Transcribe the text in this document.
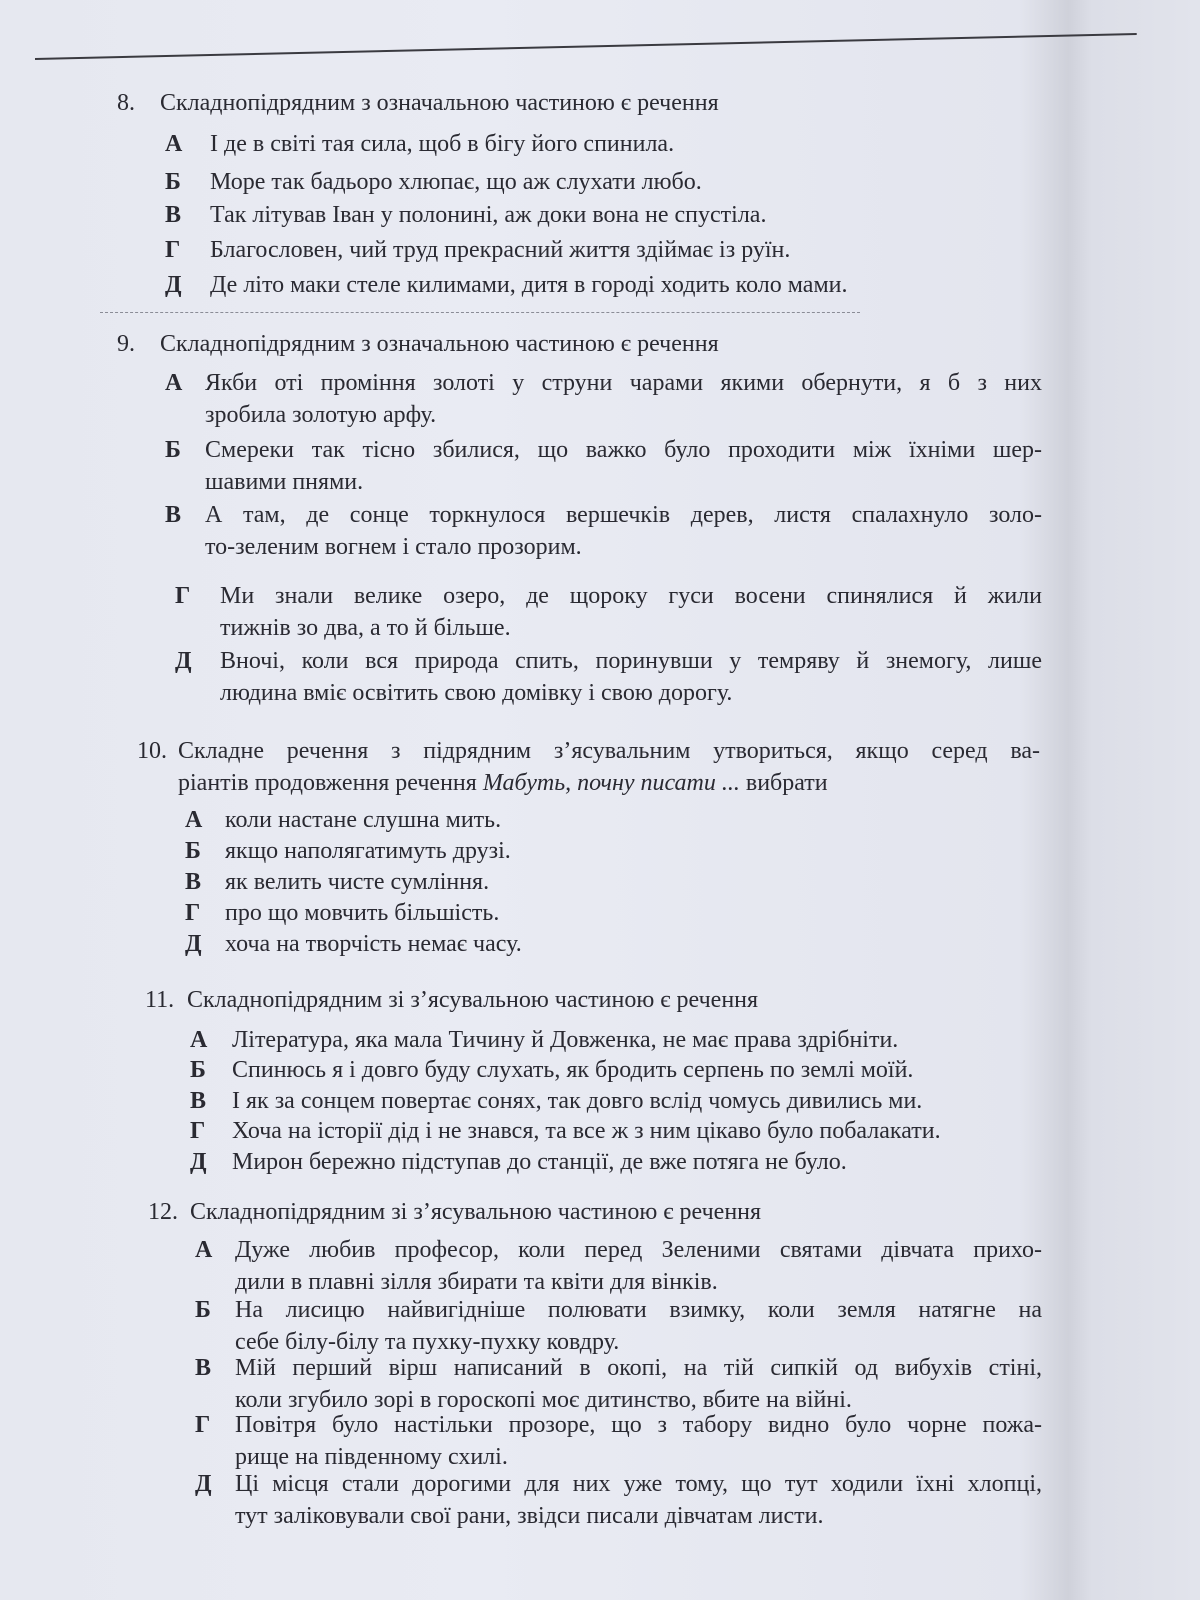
8. Складнопідрядним з означальною частиною є речення
А І де в світі тая сила, щоб в бігу його спинила.
Б Море так бадьоро хлюпає, що аж слухати любо.
В Так літував Іван у полонині, аж доки вона не спустіла.
Г Благословен, чий труд прекрасний життя здіймає із руїн.
Д Де літо маки стеле килимами, дитя в городі ходить коло мами.
9. Складнопідрядним з означальною частиною є речення
А Якби оті проміння золоті у струни чарами якими обернути, я б з них
зробила золотую арфу.
Б Смереки так тісно збилися, що важко було проходити між їхніми шер-
шавими пнями.
В А там, де сонце торкнулося вершечків дерев, листя спалахнуло золо-
то-зеленим вогнем і стало прозорим.
Г Ми знали велике озеро, де щороку гуси восени спинялися й жили
тижнів зо два, а то й більше.
Д Вночі, коли вся природа спить, поринувши у темряву й знемогу, лише
людина вміє освітить свою домівку і свою дорогу.
10. Складне речення з підрядним з’ясувальним утвориться, якщо серед ва-
ріантів продовження речення Мабуть, почну писати ... вибрати
А коли настане слушна мить.
Б якщо наполягатимуть друзі.
В як велить чисте сумління.
Г про що мовчить більшість.
Д хоча на творчість немає часу.
11. Складнопідрядним зі з’ясувальною частиною є речення
А Література, яка мала Тичину й Довженка, не має права здрібніти.
Б Спинюсь я і довго буду слухать, як бродить серпень по землі моїй.
В І як за сонцем повертає сонях, так довго вслід чомусь дивились ми.
Г Хоча на історії дід і не знався, та все ж з ним цікаво було побалакати.
Д Мирон бережно підступав до станції, де вже потяга не було.
12. Складнопідрядним зі з’ясувальною частиною є речення
А Дуже любив професор, коли перед Зеленими святами дівчата прихо-
дили в плавні зілля збирати та квіти для вінків.
Б На лисицю найвигідніше полювати взимку, коли земля натягне на
себе білу-білу та пухку-пухку ковдру.
В Мій перший вірш написаний в окопі, на тій сипкій од вибухів стіні,
коли згубило зорі в гороскопі моє дитинство, вбите на війні.
Г Повітря було настільки прозоре, що з табору видно було чорне пожа-
рище на південному схилі.
Д Ці місця стали дорогими для них уже тому, що тут ходили їхні хлопці,
тут заліковували свої рани, звідси писали дівчатам листи.
